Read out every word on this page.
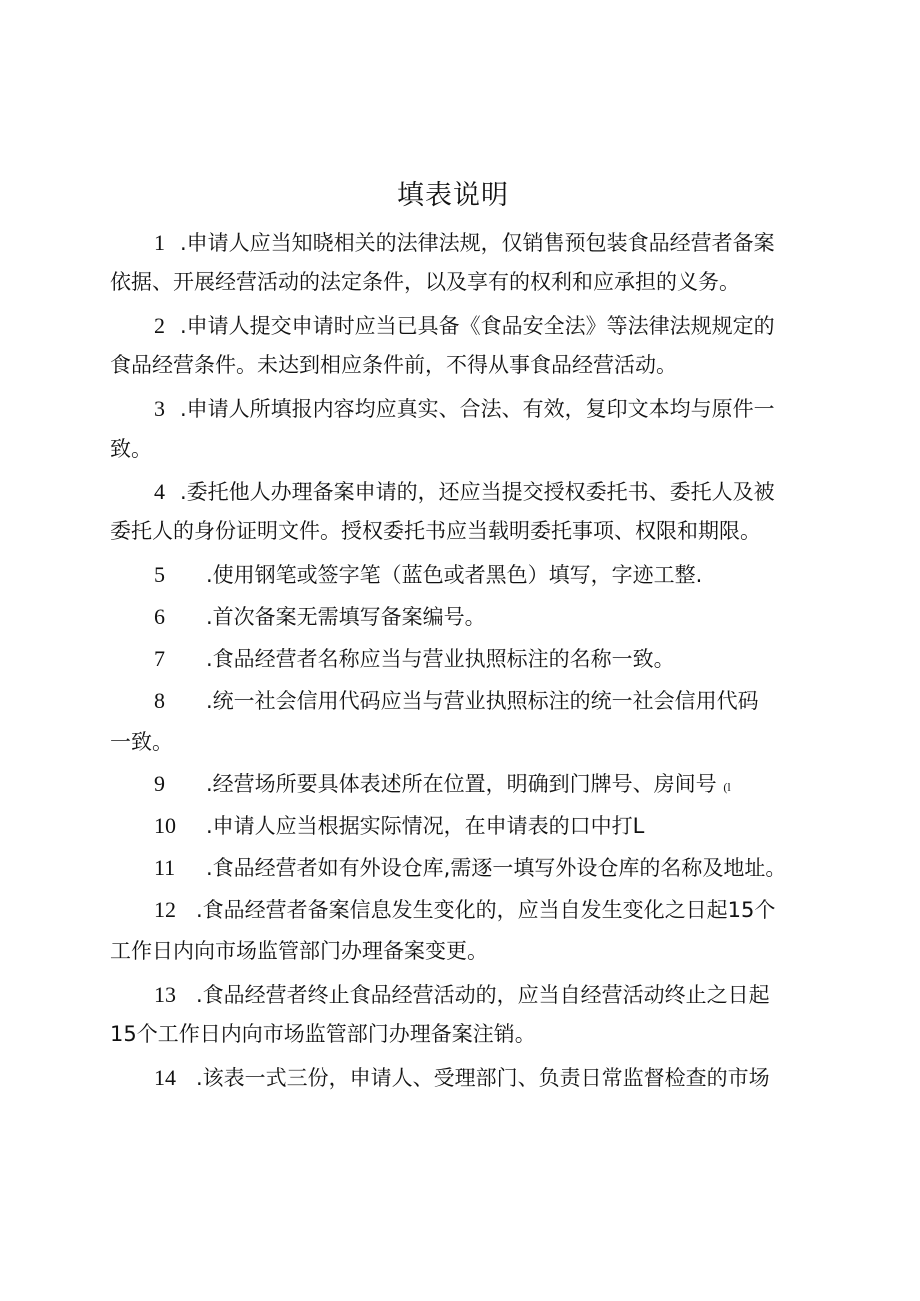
填表说明
1 .申请人应当知晓相关的法律法规，仅销售预包装食品经营者备案
依据、开展经营活动的法定条件，以及享有的权利和应承担的义务。
2 .申请人提交申请时应当已具备《食品安全法》等法律法规规定的
食品经营条件。未达到相应条件前，不得从事食品经营活动。
3 .申请人所填报内容均应真实、合法、有效，复印文本均与原件一
致。
4 .委托他人办理备案申请的，还应当提交授权委托书、委托人及被
委托人的身份证明文件。授权委托书应当载明委托事项、权限和期限。
5 .使用钢笔或签字笔（蓝色或者黑色）填写，字迹工整.
6 .首次备案无需填写备案编号。
7 .食品经营者名称应当与营业执照标注的名称一致。
8 .统一社会信用代码应当与营业执照标注的统一社会信用代码
一致。
9 .经营场所要具体表述所在位置，明确到门牌号、房间号 (l
10 .申请人应当根据实际情况，在申请表的口中打L
11 .食品经营者如有外设仓库,需逐一填写外设仓库的名称及地址。
12 .食品经营者备案信息发生变化的，应当自发生变化之日起15个
工作日内向市场监管部门办理备案变更。
13 .食品经营者终止食品经营活动的，应当自经营活动终止之日起
15个工作日内向市场监管部门办理备案注销。
14 .该表一式三份，申请人、受理部门、负责日常监督检查的市场
